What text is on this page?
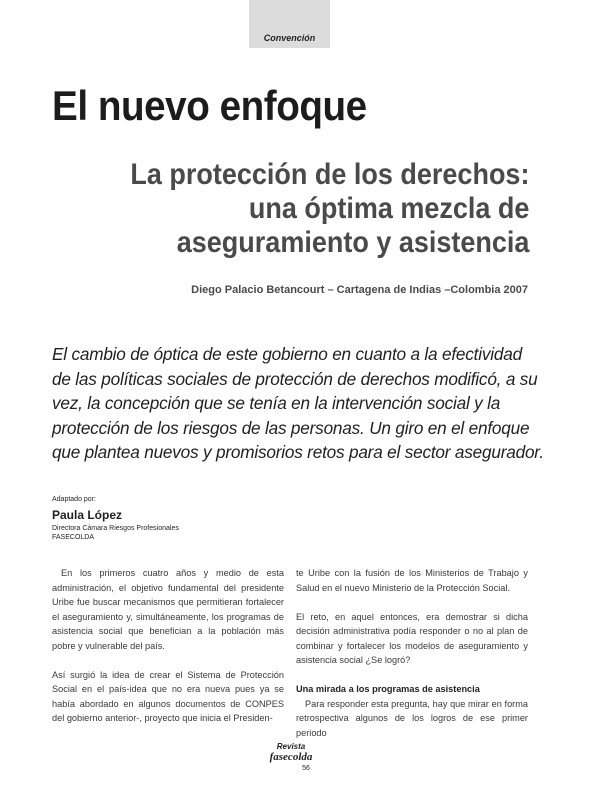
Convención
El nuevo enfoque
La protección de los derechos:
una óptima mezcla de
aseguramiento y asistencia
Diego Palacio Betancourt – Cartagena de Indias –Colombia 2007

El cambio de óptica de este gobierno en cuanto a la efectividad

de las políticas sociales de protección de derechos modificó, a su

vez, la concepción que se tenía en la intervención social y la

protección de los riesgos de las personas. Un giro en el enfoque

que plantea nuevos y promisorios retos para el sector asegurador.

Adaptado por:
Paula López
Directora Cámara Riesgos Profesionales
FASECOLDA

En los primeros cuatro años y medio de esta administración, el objetivo fundamental del presidente Uribe fue buscar mecanismos que permitieran fortalecer el aseguramiento y, simultáneamente, los programas de asistencia social que benefician a la población más pobre y vulnerable del país.

Así surgió la idea de crear el Sistema de Protección Social en el país-idea que no era nueva pues ya se había abordado en algunos documentos de CONPES del gobierno anterior-, proyecto que inicia el Presiden-

te Uribe con la fusión de los Ministerios de Trabajo y Salud en el nuevo Ministerio de la Protección Social.

El reto, en aquel entonces, era demostrar si dicha decisión administrativa podía responder o no al plan de combinar y fortalecer los modelos de aseguramiento y asistencia social ¿Se logró?

Una mirada a los programas de asistencia

Para responder esta pregunta, hay que mirar en forma retrospectiva algunos de los logros de ese primer periodo

Revista
fasecolda
56
